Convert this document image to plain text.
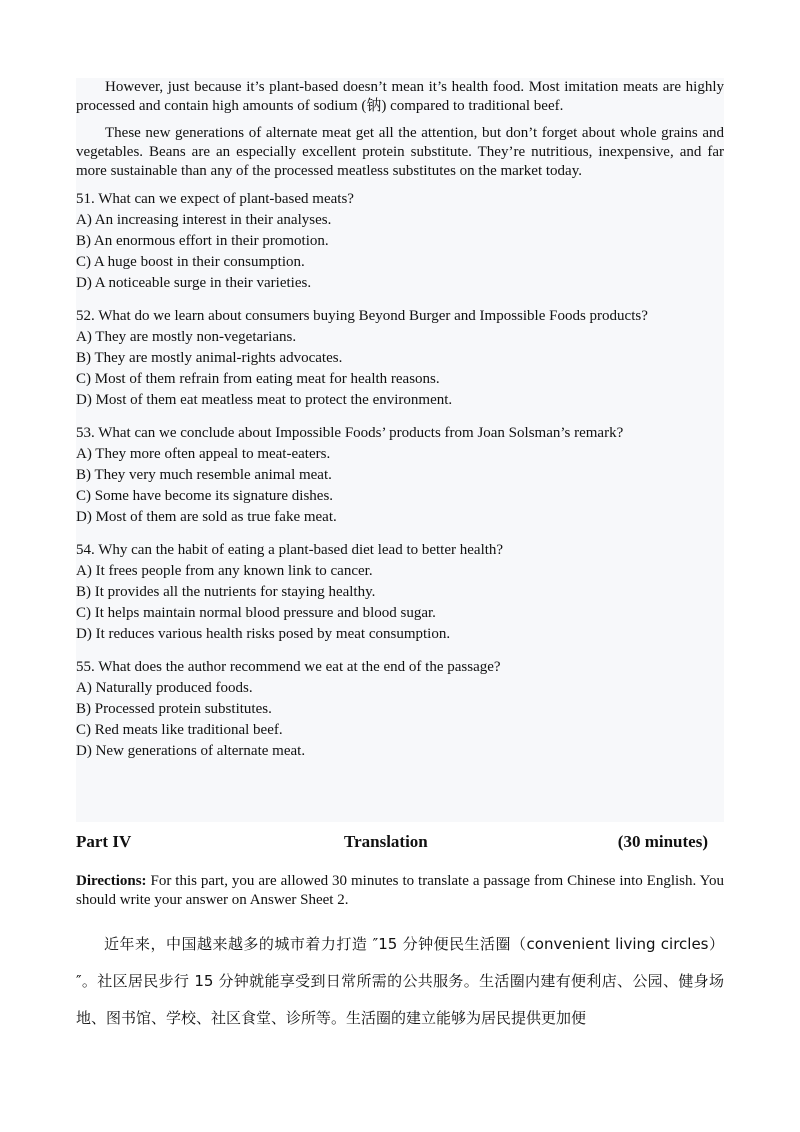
However, just because it’s plant-based doesn’t mean it’s health food. Most imitation meats are highly processed and contain high amounts of sodium (钠) compared to traditional beef.

These new generations of alternate meat get all the attention, but don’t forget about whole grains and vegetables. Beans are an especially excellent protein substitute. They’re nutritious, inexpensive, and far more sustainable than any of the processed meatless substitutes on the market today.

51. What can we expect of plant-based meats?
A) An increasing interest in their analyses.
B) An enormous effort in their promotion.
C) A huge boost in their consumption.
D) A noticeable surge in their varieties.
52. What do we learn about consumers buying Beyond Burger and Impossible Foods products?
A) They are mostly non-vegetarians.
B) They are mostly animal-rights advocates.
C) Most of them refrain from eating meat for health reasons.
D) Most of them eat meatless meat to protect the environment.
53. What can we conclude about Impossible Foods’ products from Joan Solsman’s remark?
A) They more often appeal to meat-eaters.
B) They very much resemble animal meat.
C) Some have become its signature dishes.
D) Most of them are sold as true fake meat.
54. Why can the habit of eating a plant-based diet lead to better health?
A) It frees people from any known link to cancer.
B) It provides all the nutrients for staying healthy.
C) It helps maintain normal blood pressure and blood sugar.
D) It reduces various health risks posed by meat consumption.
55. What does the author recommend we eat at the end of the passage?
A) Naturally produced foods.
B) Processed protein substitutes.
C) Red meats like traditional beef.
D) New generations of alternate meat.
Part IV	Translation	(30 minutes)
Directions: For this part, you are allowed 30 minutes to translate a passage from Chinese into English. You should write your answer on Answer Sheet 2.
近年来，中国越来越多的城市着力打造 ″15 分钟便民生活圈（convenient living circles）″。社区居民步行 15 分钟就能享受到日常所需的公共服务。生活圈内建有便利店、公园、健身场地、图书馆、学校、社区食堂、诊所等。生活圈的建立能够为居民提供更加便
